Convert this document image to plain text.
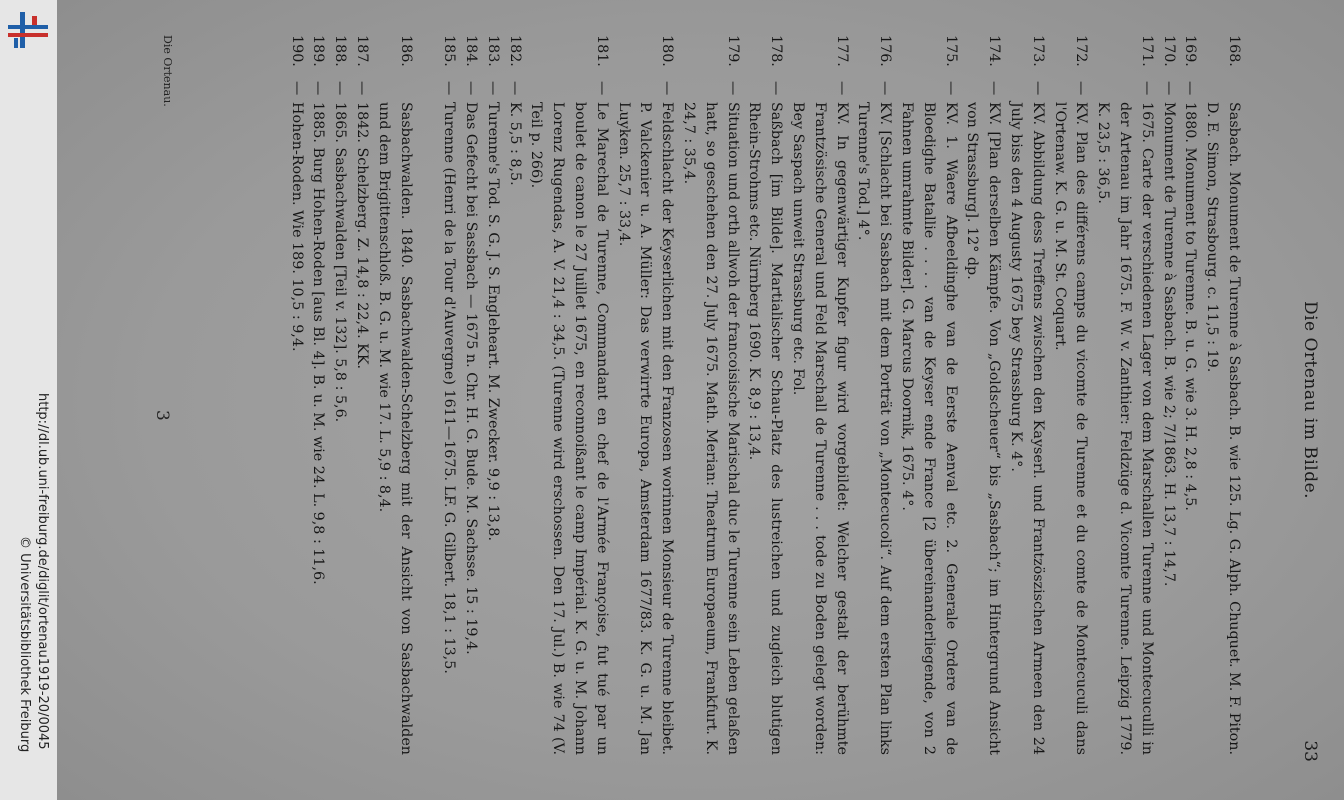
http://dl.ub.uni-freiburg.de/diglit/ortenau1919-20/0045
© Universitätsbibliothek Freiburg
Die Ortenau im Bilde.
33
168.
Sasbach. Monument de Turenne à Sasbach. B. wie 125. Lg. G. Alph. Chuquet. M. F. Piton. D. E. Simon, Strasbourg. c. 11,5 : 19.
169.
—
1880. Monument to Turenne. B. u. G. wie 3. H. 2,8 : 4,5.
170.
—
Monument de Turenne à Sasbach. B. wie 2; 7/1863. H. 13,7 : 14,7.
171.
—
1675. Carte der verschiedenen Lager von dem Marschallen Turenne und Montecuculli in der Artenau im Jahr 1675. F. W. v. Zanthier: Feldzüge d. Vicomte Turenne. Leipzig 1779. K. 23,5 : 36,5.
172.
—
KV. Plan des différens camps du vicomte de Turenne et du comte de Montecuculi dans l'Ortenaw. K. G. u. M. St. Coquart.
173.
—
KV. Abbildung dess Treffens zwischen den Kayserl. und Frantzöszischen Armeen den 24 July biss den 4 Augusty 1675 bey Strassburg K. 4°.
174.
—
KV. [Plan derselben Kämpfe. Von „Goldscheuer“ bis „Sasbach“; im Hintergrund Ansicht von Strassburg]. 12° dp.
175.
—
KV. 1. Waere Afbeeldinghe van de Eerste Aenval etc. 2. Generale Ordere van de Bloedighe Batallie . . . . van de Keyser ende France [2 übereinanderliegende, von 2 Fahnen umrahmte Bilder]. G. Marcus Doornik, 1675. 4°.
176.
—
KV. [Schlacht bei Sasbach mit dem Porträt von „Montecucoli“. Auf dem ersten Plan links Turenne's Tod.] 4°.
177.
—
KV. In gegenwärtiger Kupfer figur wird vorgebildet: Welcher gestalt der berühmte Frantzösische General und Feld Marschall de Turenne . . . tode zu Boden gelegt worden: Bey Saspach unweit Strassburg etc. Fol.
178.
—
Saßbach [im Bilde]. Martialischer Schau-Platz des lustreichen und zugleich blutigen Rhein-Strohms etc. Nürnberg 1690. K. 8,9 : 13,4.
179.
—
Situation und orth allwoh der francoisische Marischal duc le Turenne sein Leben gelaßen hatt, so geschehen den 27. July 1675. Math. Merian: Theatrum Europaeum, Frankfurt. K. 24,7 : 35,4.
180.
—
Feldschlacht der Keyserlichen mit den Franzosen worinnen Monsieur de Turenne bleibet. P. Valckenier u. A. Müller: Das verwirrte Europa, Amsterdam 1677/83. K. G. u. M. Jan Luyken. 25,7 : 33,4.
181.
—
Le Marechal de Turenne, Commandant en chef de l'Armée Françoise, fut tué par un boulet de canon le 27 Juillet 1675, en reconnoißant le camp Impérial. K. G. u. M. Johann Lorenz Rugendas, A. V. 21,4 : 34,5. (Turenne wird erschossen. Den 17. Jul.) B. wie 74 (V. Teil p. 266).
182.
—
K. 5,5 : 8,5.
183.
—
Turenne's Tod. S. G. J. S. Engleheart. M. Zwecker. 9,9 : 13,8.
184.
—
Das Gefecht bei Sassbach — 1675 n. Chr. H. G. Bude. M. Sachsse. 15 : 19,4.
185.
—
Turenne (Henri de la Tour d'Auvergne) 1611—1675. LF. G. Gilbert. 18,1 : 13,5.
186.
Sasbachwalden. 1840. Sasbachwalden-Schelzberg mit der Ansicht von Sasbachwalden und dem Brigittenschloß. B. G. u. M. wie 17. L. 5,9 : 8,4.
187.
—
1842. Schelzberg. Z. 14,8 : 22,4. KK.
188.
—
1865. Sasbachwalden [Teil v. 132]. 5,8 : 5,6.
189.
—
1885. Burg Hohen-Roden [aus Bl. 4]. B. u. M. wie 24. L. 9,8 : 11,6.
190.
—
Hohen-Roden. Wie 189. 10,5 : 9,4.
Die Ortenau.
3
